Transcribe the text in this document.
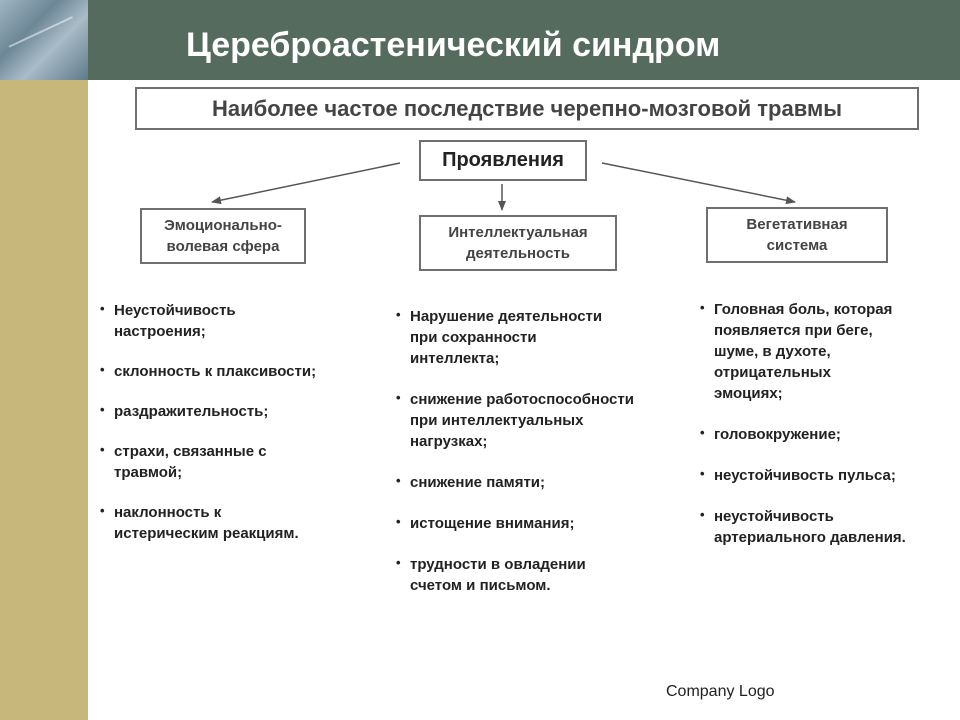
Цереброастенический синдром
Наиболее частое последствие черепно-мозговой травмы
Проявления
Эмоционально-
волевая сфера
Интеллектуальная
деятельность
Вегетативная
система
• Неустойчивость
настроения;
• склонность к плаксивости;
• раздражительность;
• страхи, связанные с
травмой;
• наклонность к
истерическим реакциям.
• Нарушение деятельности
при сохранности
интеллекта;
• снижение работоспособности
при интеллектуальных
нагрузках;
• снижение памяти;
• истощение внимания;
• трудности в овладении
счетом и письмом.
• Головная боль, которая
появляется при беге,
шуме, в духоте,
отрицательных
эмоциях;
• головокружение;
• неустойчивость пульса;
• неустойчивость
артериального давления.
Company Logo
